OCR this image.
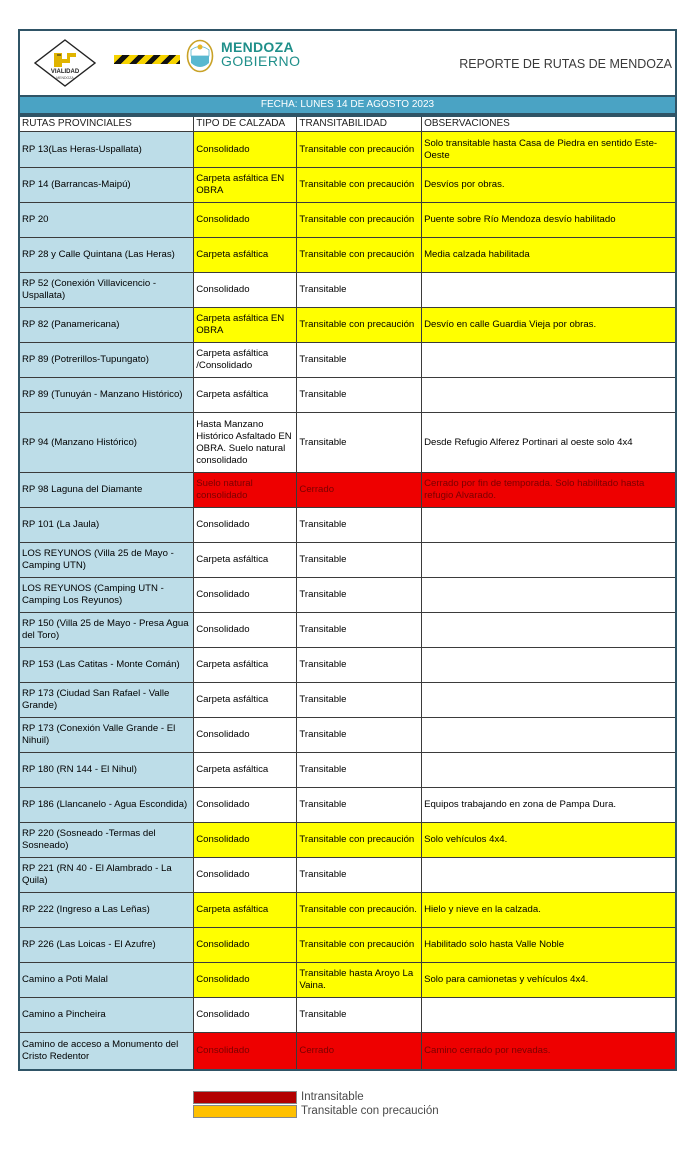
VIALIDAD
MENDOZA
MENDOZA
GOBIERNO	REPORTE DE RUTAS DE MENDOZA
FECHA: LUNES 14 DE AGOSTO 2023
RUTAS PROVINCIALES	TIPO DE CALZADA	TRANSITABILIDAD	OBSERVACIONES
RP 13(Las Heras-Uspallata)	Consolidado	Transitable con precaución	Solo transitable hasta Casa de Piedra en sentido Este-Oeste
RP 14 (Barrancas-Maipú)	Carpeta asfáltica EN OBRA	Transitable con precaución	Desvíos por obras.
RP 20	Consolidado	Transitable con precaución	Puente sobre Río Mendoza desvío habilitado
RP 28 y Calle Quintana (Las Heras)	Carpeta asfáltica	Transitable con precaución	Media calzada habilitada
RP 52 (Conexión Villavicencio - Uspallata)	Consolidado	Transitable	
RP 82 (Panamericana)	Carpeta asfáltica EN OBRA	Transitable con precaución	Desvío en calle Guardia Vieja por obras.
RP 89 (Potrerillos-Tupungato)	Carpeta asfáltica /Consolidado	Transitable	
RP 89 (Tunuyán - Manzano Histórico)	Carpeta asfáltica	Transitable	
RP 94 (Manzano Histórico)	Hasta Manzano Histórico Asfaltado EN OBRA. Suelo natural consolidado	Transitable	Desde Refugio Alferez Portinari al oeste solo 4x4
RP 98 Laguna del Diamante	Suelo natural consolidado	Cerrado	Cerrado por fin de temporada. Solo habilitado hasta refugio Alvarado.
RP 101 (La Jaula)	Consolidado	Transitable	
LOS REYUNOS (Villa 25 de Mayo - Camping UTN)	Carpeta asfáltica	Transitable	
LOS REYUNOS (Camping UTN - Camping Los Reyunos)	Consolidado	Transitable	
RP 150 (Villa 25 de Mayo - Presa Agua del Toro)	Consolidado	Transitable	
RP 153 (Las Catitas - Monte Comán)	Carpeta asfáltica	Transitable	
RP 173 (Ciudad San Rafael - Valle Grande)	Carpeta asfáltica	Transitable	
RP 173 (Conexión Valle Grande - El Nihuil)	Consolidado	Transitable	
RP 180 (RN 144 - El Nihul)	Carpeta asfáltica	Transitable	
RP 186 (Llancanelo - Agua Escondida)	Consolidado	Transitable	Equipos trabajando en zona de Pampa Dura.
RP 220 (Sosneado -Termas del Sosneado)	Consolidado	Transitable con precaución	Solo vehículos 4x4.
RP 221 (RN 40 - El Alambrado - La Quila)	Consolidado	Transitable	
RP 222 (Ingreso a Las Leñas)	Carpeta asfáltica	Transitable con precaución.	Hielo y nieve en la calzada.
RP 226 (Las Loicas - El Azufre)	Consolidado	Transitable con precaución	Habilitado solo hasta Valle Noble
Camino a Poti Malal	Consolidado	Transitable hasta Aroyo La Vaina.	Solo para camionetas y vehículos 4x4.
Camino a Pincheira	Consolidado	Transitable	
Camino de acceso a Monumento del Cristo Redentor	Consolidado	Cerrado	Camino cerrado por nevadas.
Intransitable
Transitable con precaución
